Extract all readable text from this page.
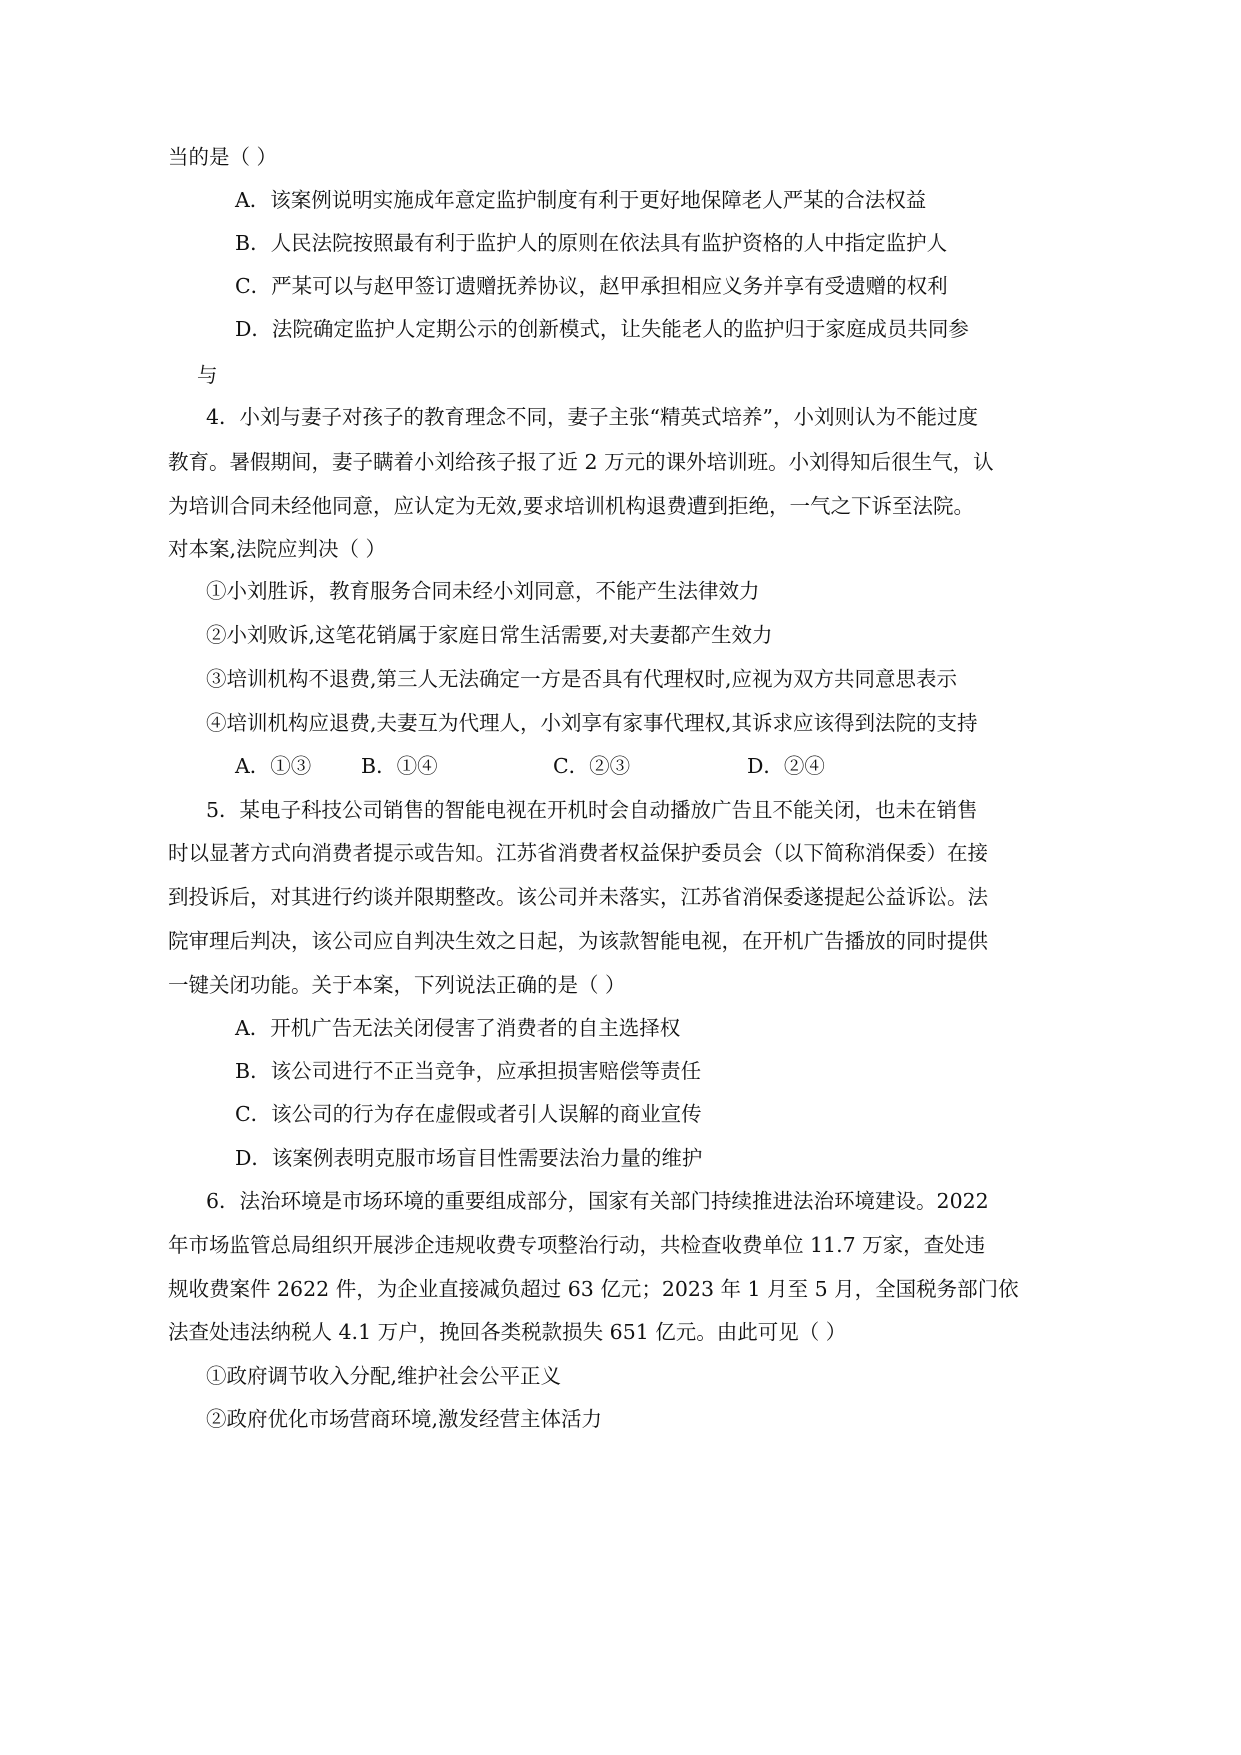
当的是（ ）

A．该案例说明实施成年意定监护制度有利于更好地保障老人严某的合法权益

B．人民法院按照最有利于监护人的原则在依法具有监护资格的人中指定监护人

C．严某可以与赵甲签订遗赠抚养协议，赵甲承担相应义务并享有受遗赠的权利

D．法院确定监护人定期公示的创新模式，让失能老人的监护归于家庭成员共同参

与

4．小刘与妻子对孩子的教育理念不同，妻子主张“精英式培养”，小刘则认为不能过度

教育。暑假期间，妻子瞒着小刘给孩子报了近 2 万元的课外培训班。小刘得知后很生气，认

为培训合同未经他同意，应认定为无效,要求培训机构退费遭到拒绝，一气之下诉至法院。

对本案,法院应判决（ ）

①小刘胜诉，教育服务合同未经小刘同意，不能产生法律效力

②小刘败诉,这笔花销属于家庭日常生活需要,对夫妻都产生效力

③培训机构不退费,第三人无法确定一方是否具有代理权时,应视为双方共同意思表示

④培训机构应退费,夫妻互为代理人，小刘享有家事代理权,其诉求应该得到法院的支持

A．①③ B．①④	C．②③	D．②④

5．某电子科技公司销售的智能电视在开机时会自动播放广告且不能关闭，也未在销售

时以显著方式向消费者提示或告知。江苏省消费者权益保护委员会（以下简称消保委）在接

到投诉后，对其进行约谈并限期整改。该公司并未落实，江苏省消保委遂提起公益诉讼。法

院审理后判决，该公司应自判决生效之日起，为该款智能电视，在开机广告播放的同时提供

一键关闭功能。关于本案，下列说法正确的是（ ）

A．开机广告无法关闭侵害了消费者的自主选择权

B．该公司进行不正当竞争，应承担损害赔偿等责任

C．该公司的行为存在虚假或者引人误解的商业宣传

D．该案例表明克服市场盲目性需要法治力量的维护

6．法治环境是市场环境的重要组成部分，国家有关部门持续推进法治环境建设。2022

年市场监管总局组织开展涉企违规收费专项整治行动，共检查收费单位 11.7 万家，查处违

规收费案件 2622 件，为企业直接减负超过 63 亿元；2023 年 1 月至 5 月，全国税务部门依

法查处违法纳税人 4.1 万户，挽回各类税款损失 651 亿元。由此可见（ ）

①政府调节收入分配,维护社会公平正义

②政府优化市场营商环境,激发经营主体活力
